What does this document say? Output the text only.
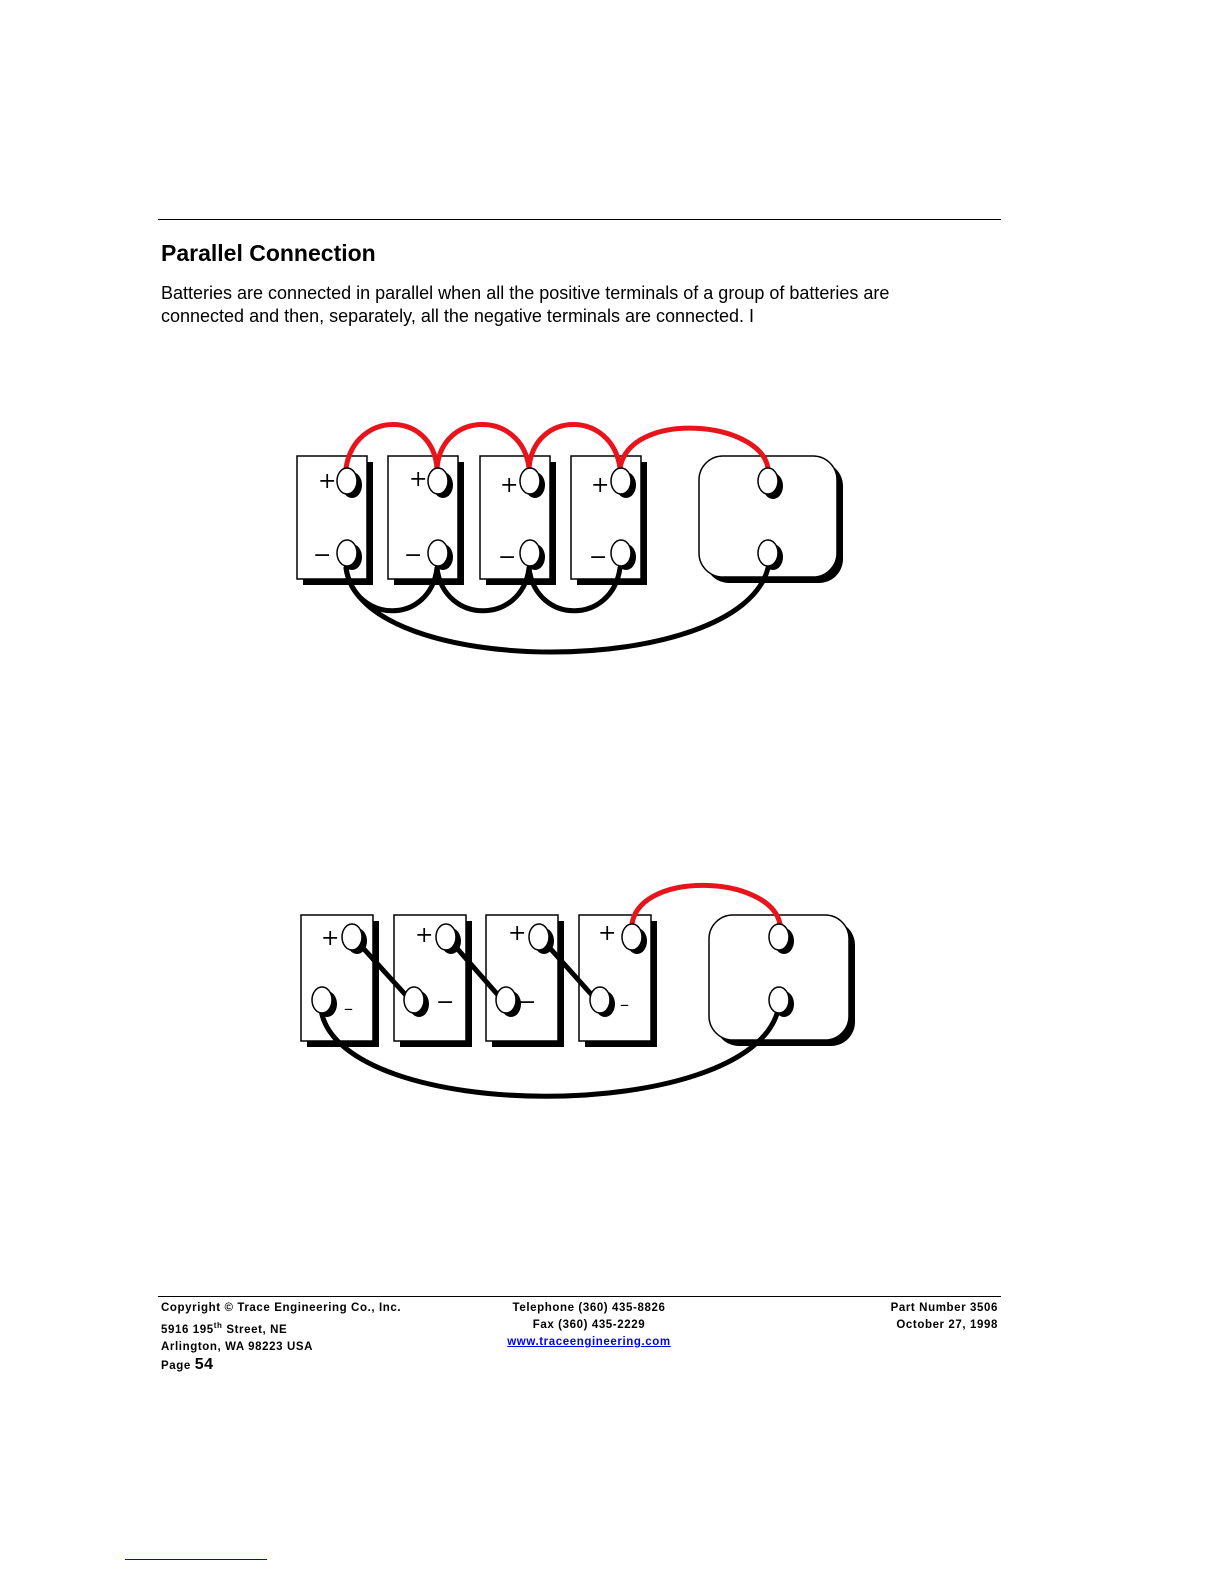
Parallel Connection

Batteries are connected in parallel when all the positive terminals of a group of batteries are connected and then, separately, all the negative terminals are connected. I

+	+	+	+
−	−	−	−
+	+	+	+
–	−	−	–
Copyright © Trace Engineering Co., Inc.
5916 195th Street, NE
Arlington, WA 98223 USA
Page 54
Telephone (360) 435-8826
Fax (360) 435-2229
www.traceengineering.com
Part Number 3506
October 27, 1998
